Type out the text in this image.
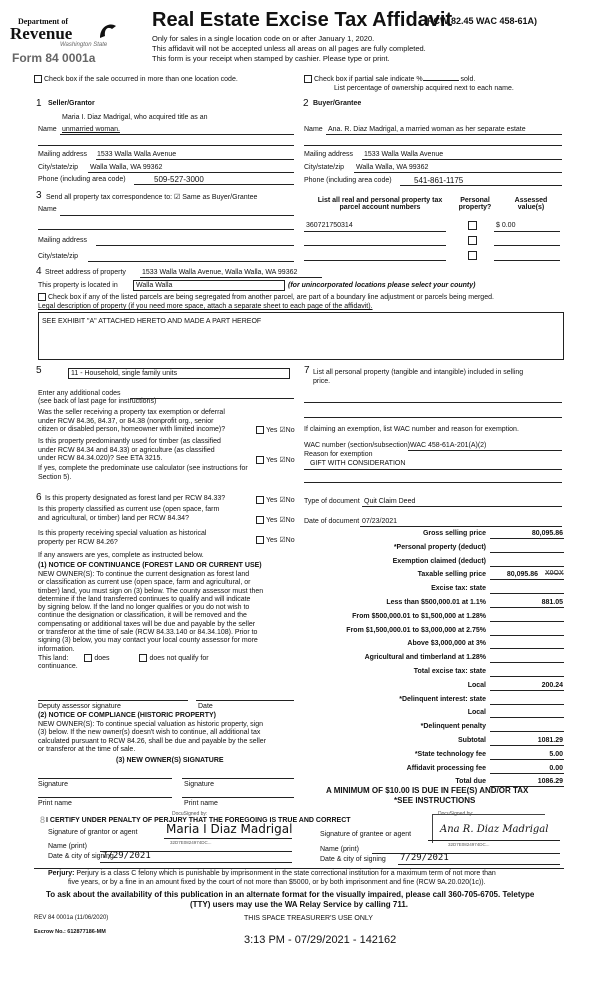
Department of
Revenue
Washington State
Form 84 0001a
Real Estate Excise Tax Affidavit
(RCW 82.45 WAC 458-61A)
Only for sales in a single location code on or after January 1, 2020.
This affidavit will not be accepted unless all areas on all pages are fully completed.
This form is your receipt when stamped by cashier. Please type or print.
Check box if the sale occurred in more than one location code.	Check box if partial sale indicate %	sold.
List percentage of ownership acquired next to each name.
1 Seller/Grantor
Maria I. Diaz Madrigal, who acquired title as an
Name unmarried woman.
Mailing address 1533 Walla Walla Avenue
City/state/zip Walla Walla, WA 99362
Phone (including area code)	509-527-3000
2 Buyer/Grantee
Name Ana. R. Diaz Madrigal, a married woman as her separate estate
Mailing address 1533 Walla Walla Avenue
City/state/zip Walla Walla, WA 99362
Phone (including area code)	541-861-1175
3 Send all property tax correspondence to: ☑ Same as Buyer/Grantee
Name
Mailing address
City/state/zip
List all real and personal property tax parcel account numbers
Personal property?
Assessed value(s)
360721750314	$ 0.00
4 Street address of property 1533 Walla Walla Avenue, Walla Walla, WA 99362
This property is located in	Walla Walla	(for unincorporated locations please select your county)
Check box if any of the listed parcels are being segregated from another parcel, are part of a boundary line adjustment or parcels being merged.
Legal description of property (if you need more space, attach a separate sheet to each page of the affidavit).
SEE EXHIBIT "A" ATTACHED HERETO AND MADE A PART HEREOF
5	11 - Household, single family units
Enter any additional codes
(see back of last page for instructions)
Was the seller receiving a property tax exemption or deferral
under RCW 84.36, 84.37, or 84.38 (nonprofit org., senior
citizen or disabled person, homeowner with limited income)?	Yes ☑No
Is this property predominantly used for timber (as classified
under RCW 84.34 and 84.33) or agriculture (as classified
under RCW 84.34.020)? See ETA 3215.	Yes ☑No
If yes, complete the predominate use calculator (see instructions for
Section 5).
7 List all personal property (tangible and intangible) included in selling
price.
If claiming an exemption, list WAC number and reason for exemption.
WAC number (section/subsection) WAC 458-61A-201(A)(2)
Reason for exemption
GIFT WITH CONSIDERATION
6 Is this property designated as forest land per RCW 84.33?	Yes ☑No
Is this property classified as current use (open space, farm
and agricultural, or timber) land per RCW 84.34?	Yes ☑No
Is this property receiving special valuation as historical
property per RCW 84.26?	Yes ☑No
If any answers are yes, complete as instructed below.
(1) NOTICE OF CONTINUANCE (FOREST LAND OR CURRENT USE)
NEW OWNER(S): To continue the current designation as forest land
or classification as current use (open space, farm and agricultural, or
timber) land, you must sign on (3) below. The county assessor must then
determine if the land transferred continues to qualify and will indicate
by signing below. If the land no longer qualifies or you do not wish to
continue the designation or classification, it will be removed and the
compensating or additional taxes will be due and payable by the seller
or transferor at the time of sale (RCW 84.33.140 or 84.34.108). Prior to
signing (3) below, you may contact your local county assessor for more
information.
This land:	does	does not qualify for
continuance.
Deputy assessor signature	Date
(2) NOTICE OF COMPLIANCE (HISTORIC PROPERTY)
NEW OWNER(S): To continue special valuation as historic property, sign
(3) below. If the new owner(s) doesn't wish to continue, all additional tax
calculated pursuant to RCW 84.26, shall be due and payable by the seller
or transferor at the time of sale.
(3) NEW OWNER(S) SIGNATURE
Signature	Signature
Print name	Print name
Type of document Quit Claim Deed
Date of document 07/23/2021
Gross selling price	80,095.86
*Personal property (deduct)
Exemption claimed (deduct)
Taxable selling price	80,095.86
Excise tax: state
Less than $500,000.01 at 1.1%	881.05
From $500,000.01 to $1,500,000 at 1.28%
From $1,500,000.01 to $3,000,000 at 2.75%
Above $3,000,000 at 3%
Agricultural and timberland at 1.28%
Total excise tax: state
Local	200.24
*Delinquent interest: state
Local
*Delinquent penalty
Subtotal	1081.29
*State technology fee	5.00
Affidavit processing fee	0.00
Total due	1086.29
X0OX
A MINIMUM OF $10.00 IS DUE IN FEE(S) AND/OR TAX
*SEE INSTRUCTIONS
8 I CERTIFY UNDER PENALTY OF PERJURY THAT THE FOREGOING IS TRUE AND CORRECT
DocuSigned by:	DocuSigned by:
Signature of grantor or agent Maria I Diaz Madrigal
32D7E0824974DC...
Name (print)
Date & city of signing
7/29/2021
Signature of grantee or agent	Ana R. Diaz Madrigal
32D7E0824974DC...
Name (print)
Date & city of signing 7/29/2021
Perjury: Perjury is a class C felony which is punishable by imprisonment in the state correctional institution for a maximum term of not more than
five years, or by a fine in an amount fixed by the court of not more than $5000, or by both imprisonment and fine (RCW 9A.20.020(1c)).
To ask about the availability of this publication in an alternate format for the visually impaired, please call 360-705-6705. Teletype
(TTY) users may use the WA Relay Service by calling 711.
REV 84 0001a (11/06/2020)	THIS SPACE TREASURER'S USE ONLY
Escrow No.: 612877186-MM
3:13 PM - 07/29/2021 - 142162
